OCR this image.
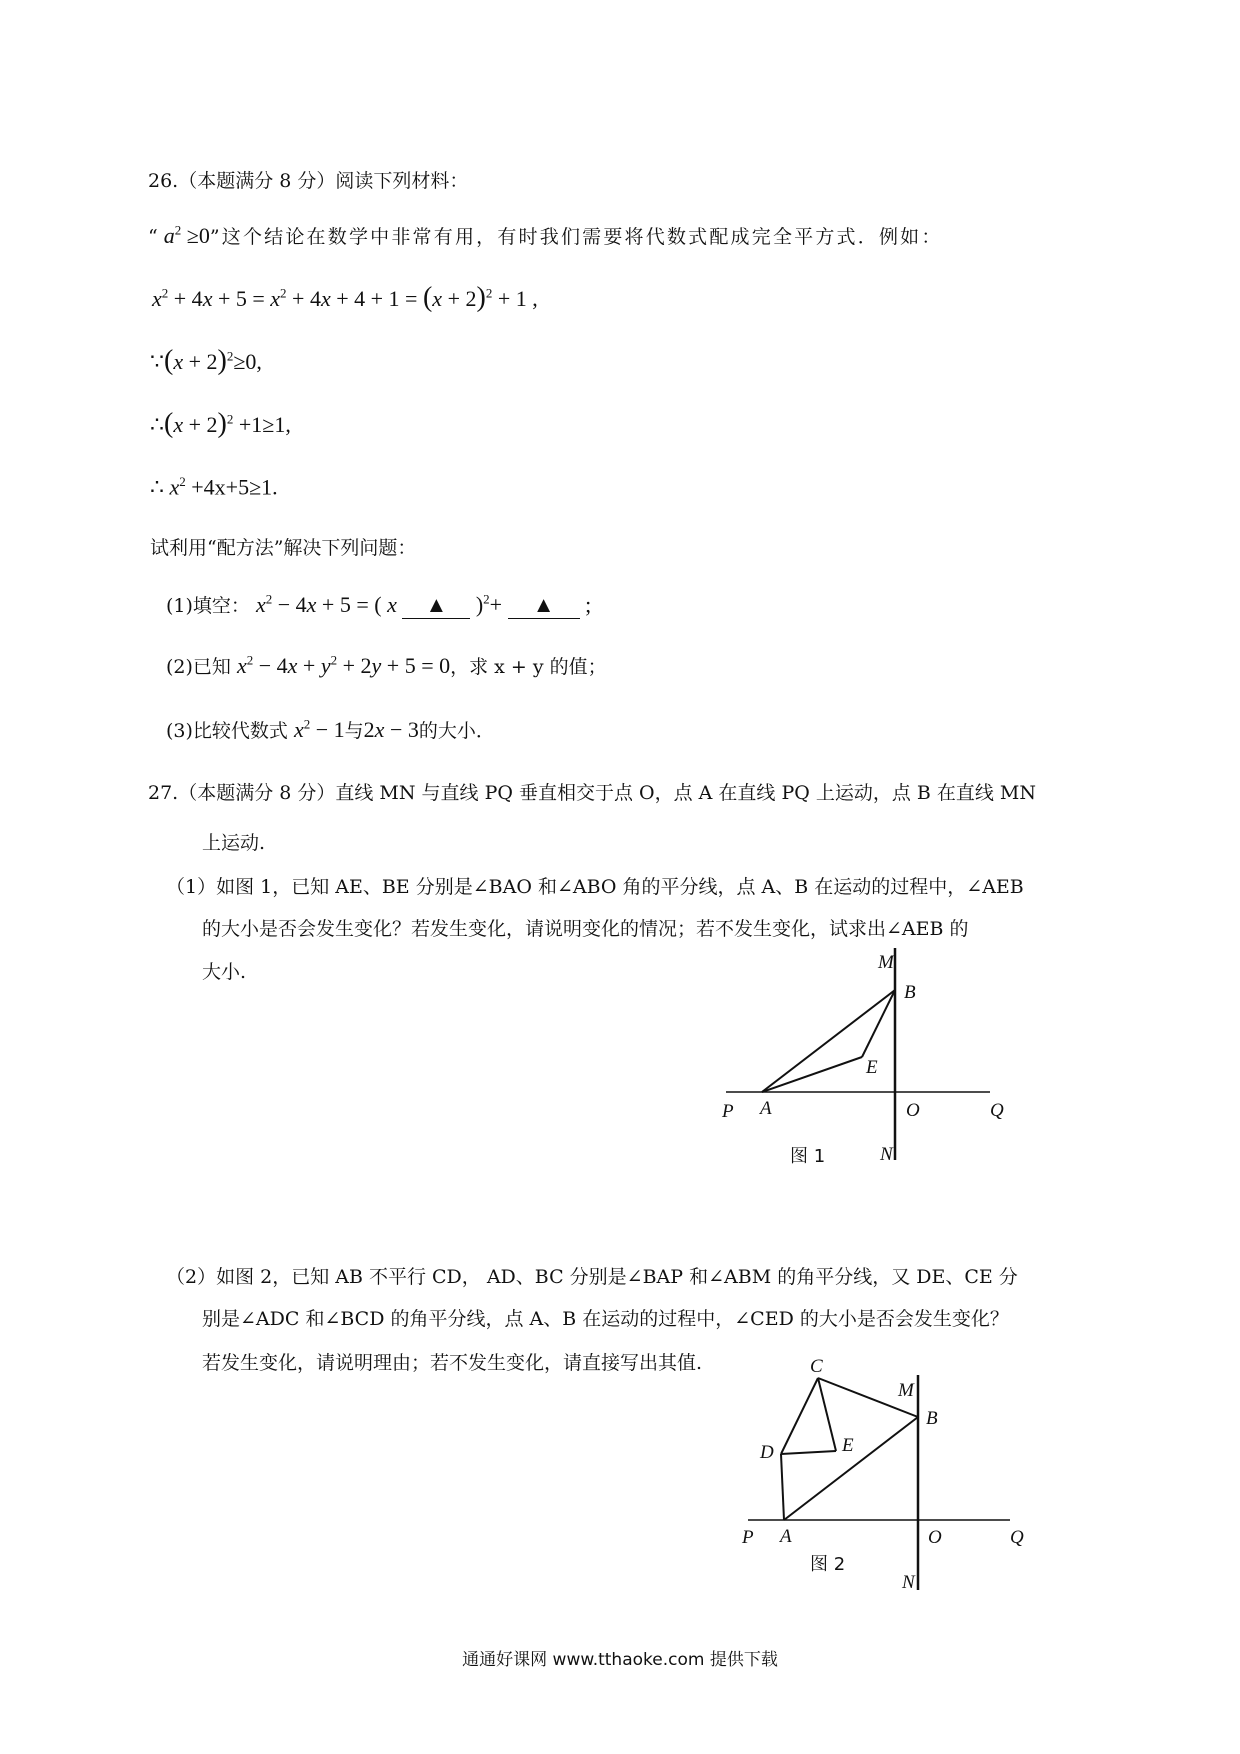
26.（本题满分 8 分）阅读下列材料：
“ $a^2 \ge 0$”这个结论在数学中非常有用，有时我们需要将代数式配成完全平方式．例如：
$x^2 + 4x + 5 = x^2 + 4x + 4 + 1 = (x + 2)^2 + 1$ ,
∵(x + 2)$^2$≥0,
∴(x + 2)$^2$ +1≥1,
∴ $x^2 +4x+5\ge 1$.
试利用“配方法”解决下列问题：
(1)填空： $x^2 - 4x + 5$ = ( x ▲ )$^2$+ ▲ ;
(2)已知 $x^2 - 4x + y^2 + 2y + 5 = 0$，求 x + y 的值；
(3)比较代数式 $x^2 - 1$与2x − 3的大小．
27.（本题满分 8 分）直线 MN 与直线 PQ 垂直相交于点 O，点 A 在直线 PQ 上运动，点 B 在直线 MN
上运动.
（1）如图 1，已知 AE、BE 分别是∠BAO 和∠ABO 角的平分线，点 A、B 在运动的过程中，∠AEB
的大小是否会发生变化？若发生变化，请说明变化的情况；若不发生变化，试求出∠AEB 的
大小.	M
B
E
P A	O	Q
N
图 1
（2）如图 2，已知 AB 不平行 CD， AD、BC 分别是∠BAP 和∠ABM 的角平分线，又 DE、CE 分
别是∠ADC 和∠BCD 的角平分线，点 A、B 在运动的过程中，∠CED 的大小是否会发生变化？
若发生变化，请说明理由；若不发生变化，请直接写出其值.	C
M
B
D	E
P A	O	Q
N
图 2
通通好课网 www.tthaoke.com 提供下载
